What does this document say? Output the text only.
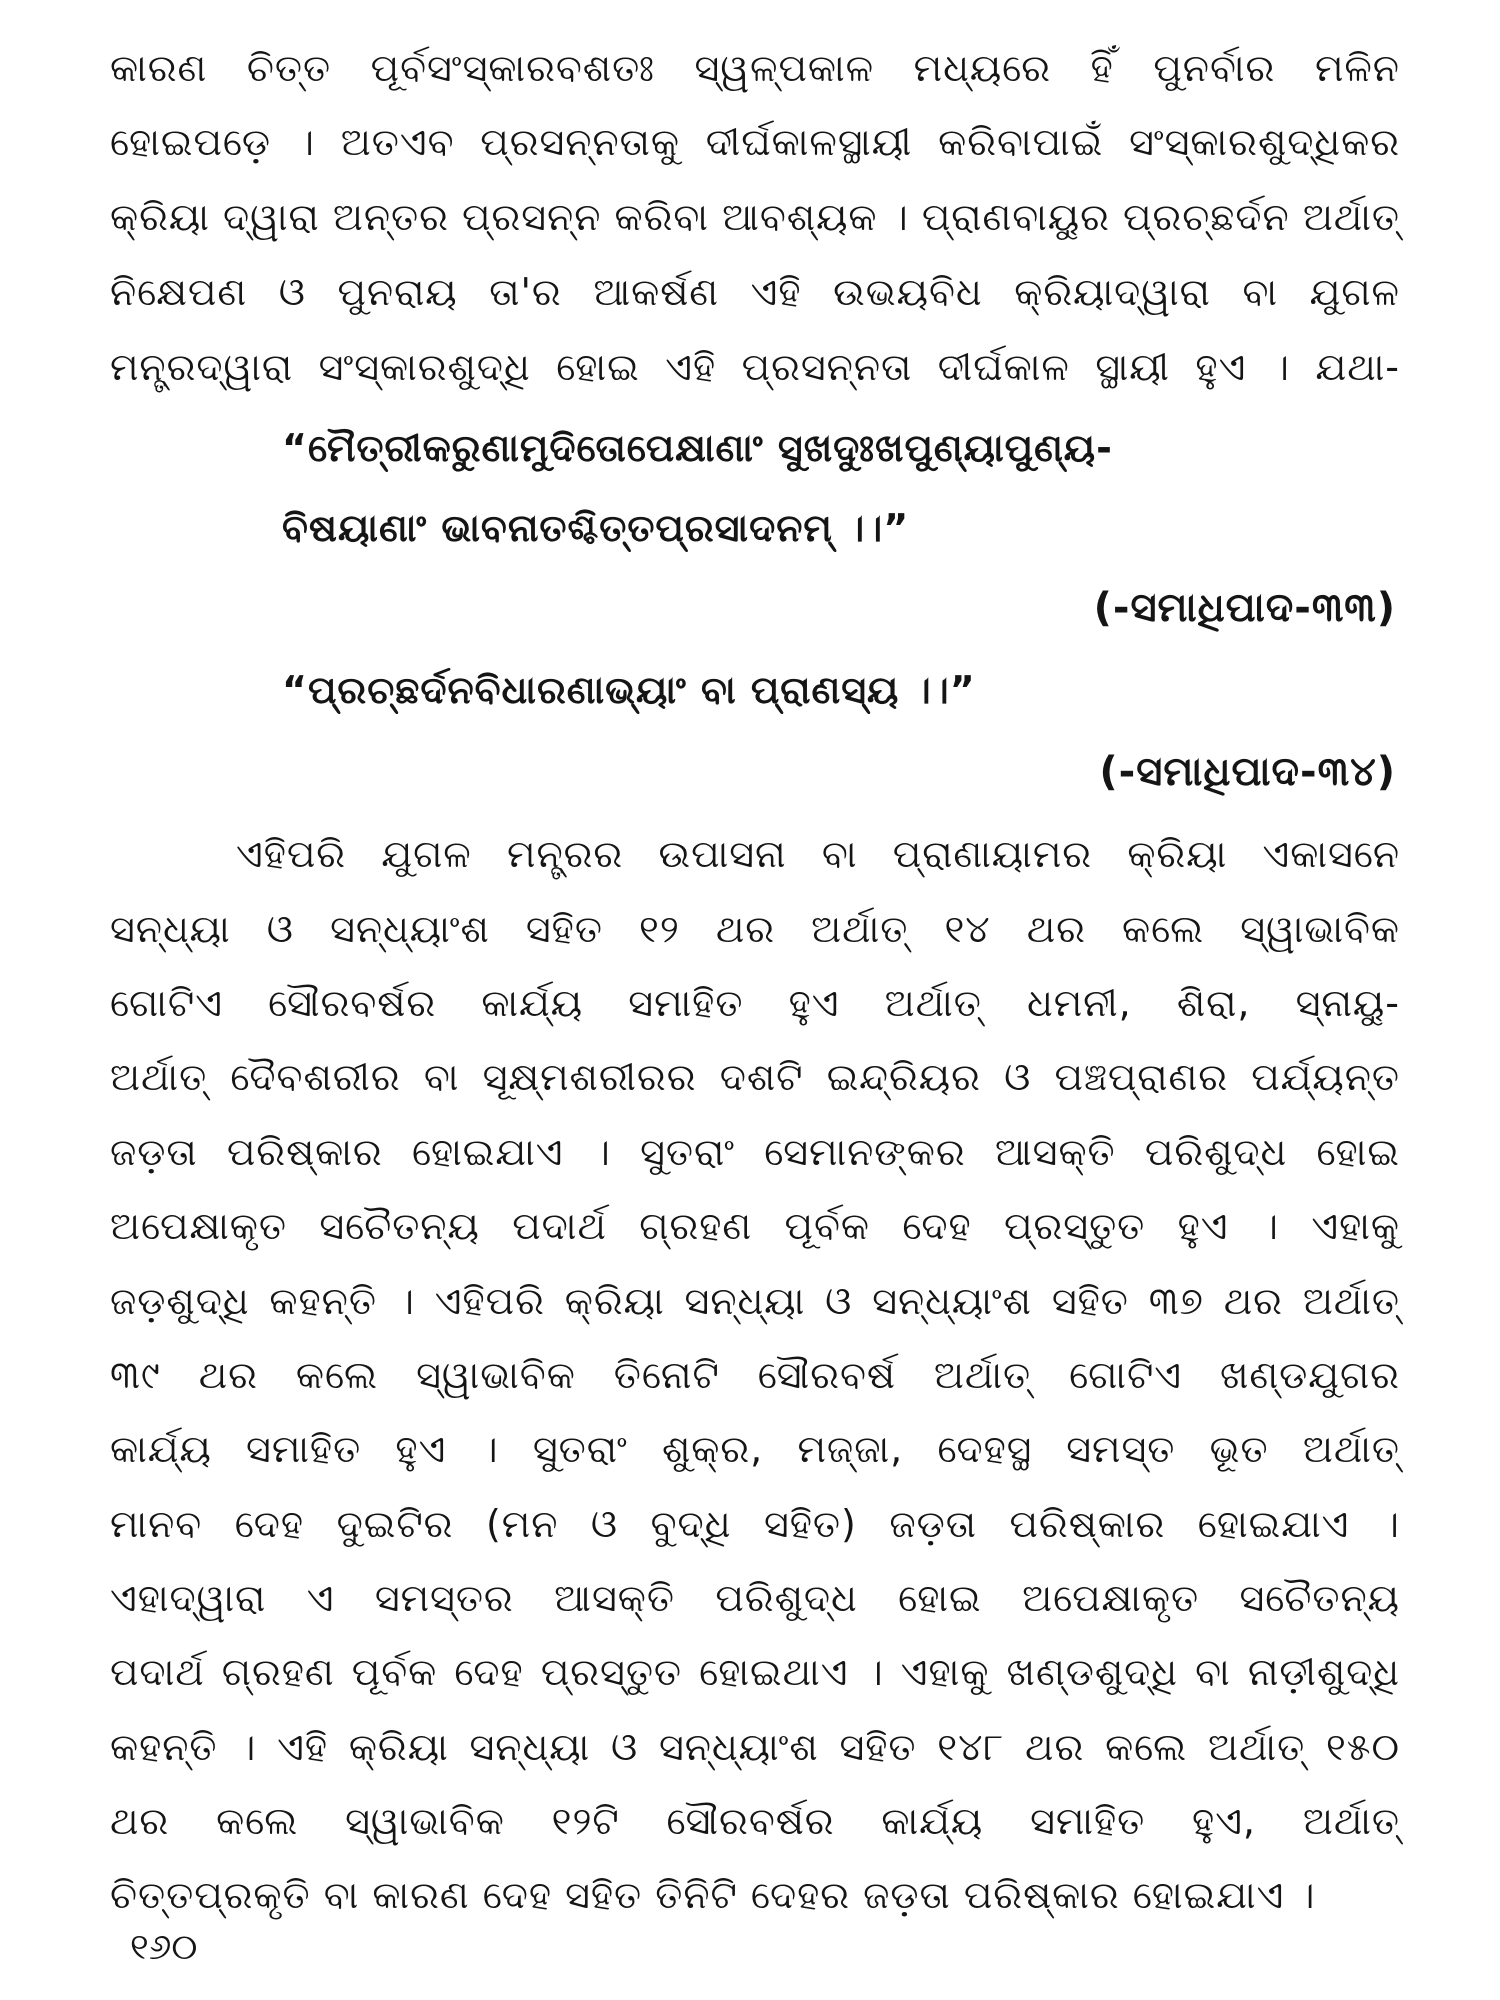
କାରଣ ଚିତ୍ତ ପୂର୍ବସଂସ୍କାରବଶତଃ ସ୍ୱଳ୍ପକାଳ ମଧ୍ୟରେ ହିଁ ପୁନର୍ବାର ମଳିନ
ହୋଇପଡ଼େ । ଅତଏବ ପ୍ରସନ୍ନତାକୁ ଦୀର୍ଘକାଳସ୍ଥାୟୀ କରିବାପାଇଁ ସଂସ୍କାରଶୁଦ୍ଧିକର
କ୍ରିୟା ଦ୍ୱାରା ଅନ୍ତର ପ୍ରସନ୍ନ କରିବା ଆବଶ୍ୟକ । ପ୍ରାଣବାୟୁର ପ୍ରଚ୍ଛର୍ଦନ ଅର୍ଥାତ୍
ନିକ୍ଷେପଣ ଓ ପୁନରାୟ ତା'ର ଆକର୍ଷଣ ଏହି ଉଭୟବିଧ କ୍ରିୟାଦ୍ୱାରା ବା ଯୁଗଳ
ମନ୍ତ୍ରଦ୍ୱାରା ସଂସ୍କାରଶୁଦ୍ଧି ହୋଇ ଏହି ପ୍ରସନ୍ନତା ଦୀର୍ଘକାଳ ସ୍ଥାୟୀ ହୁଏ । ଯଥା-
“ମୈତ୍ରୀକରୁଣାମୁଦିତୋପେକ୍ଷାଣାଂ ସୁଖଦୁଃଖପୁଣ୍ୟାପୁଣ୍ୟ-
ବିଷୟାଣାଂ ଭାବନାତଶ୍ଚିତ୍ତପ୍ରସାଦନମ୍ ।।”
(-ସମାଧିପାଦ-୩୩)
“ପ୍ରଚ୍ଛର୍ଦନବିଧାରଣାଭ୍ୟାଂ ବା ପ୍ରାଣସ୍ୟ ।।”
(-ସମାଧିପାଦ-୩୪)
ଏହିପରି ଯୁଗଳ ମନ୍ତ୍ରର ଉପାସନା ବା ପ୍ରାଣାୟାମର କ୍ରିୟା ଏକାସନେ
ସନ୍ଧ୍ୟା ଓ ସନ୍ଧ୍ୟାଂଶ ସହିତ ୧୨ ଥର ଅର୍ଥାତ୍ ୧୪ ଥର କଲେ ସ୍ୱାଭାବିକ
ଗୋଟିଏ ସୌରବର୍ଷର କାର୍ଯ୍ୟ ସମାହିତ ହୁଏ ଅର୍ଥାତ୍ ଧମନୀ, ଶିରା, ସ୍ନାୟୁ-
ଅର୍ଥାତ୍ ଦୈବଶରୀର ବା ସୂକ୍ଷ୍ମଶରୀରର ଦଶଟି ଇନ୍ଦ୍ରିୟର ଓ ପଞ୍ଚପ୍ରାଣର ପର୍ଯ୍ୟନ୍ତ
ଜଡ଼ତା ପରିଷ୍କାର ହୋଇଯାଏ । ସୁତରାଂ ସେମାନଙ୍କର ଆସକ୍ତି ପରିଶୁଦ୍ଧ ହୋଇ
ଅପେକ୍ଷାକୃତ ସଚୈତନ୍ୟ ପଦାର୍ଥ ଗ୍ରହଣ ପୂର୍ବକ ଦେହ ପ୍ରସ୍ତୁତ ହୁଏ । ଏହାକୁ
ଜଡ଼ଶୁଦ୍ଧି କହନ୍ତି । ଏହିପରି କ୍ରିୟା ସନ୍ଧ୍ୟା ଓ ସନ୍ଧ୍ୟାଂଶ ସହିତ ୩୭ ଥର ଅର୍ଥାତ୍
୩୯ ଥର କଲେ ସ୍ୱାଭାବିକ ତିନୋଟି ସୌରବର୍ଷ ଅର୍ଥାତ୍ ଗୋଟିଏ ଖଣ୍ଡଯୁଗର
କାର୍ଯ୍ୟ ସମାହିତ ହୁଏ । ସୁତରାଂ ଶୁକ୍ର, ମଜ୍ଜା, ଦେହସ୍ଥ ସମସ୍ତ ଭୂତ ଅର୍ଥାତ୍
ମାନବ ଦେହ ଦୁଇଟିର (ମନ ଓ ବୁଦ୍ଧି ସହିତ) ଜଡ଼ତା ପରିଷ୍କାର ହୋଇଯାଏ ।
ଏହାଦ୍ୱାରା ଏ ସମସ୍ତର ଆସକ୍ତି ପରିଶୁଦ୍ଧ ହୋଇ ଅପେକ୍ଷାକୃତ ସଚୈତନ୍ୟ
ପଦାର୍ଥ ଗ୍ରହଣ ପୂର୍ବକ ଦେହ ପ୍ରସ୍ତୁତ ହୋଇଥାଏ । ଏହାକୁ ଖଣ୍ଡଶୁଦ୍ଧି ବା ନାଡ଼ୀଶୁଦ୍ଧି
କହନ୍ତି । ଏହି କ୍ରିୟା ସନ୍ଧ୍ୟା ଓ ସନ୍ଧ୍ୟାଂଶ ସହିତ ୧୪୮ ଥର କଲେ ଅର୍ଥାତ୍ ୧୫୦
ଥର କଲେ ସ୍ୱାଭାବିକ ୧୨ଟି ସୌରବର୍ଷର କାର୍ଯ୍ୟ ସମାହିତ ହୁଏ, ଅର୍ଥାତ୍
ଚିତ୍ତପ୍ରକୃତି ବା କାରଣ ଦେହ ସହିତ ତିନିଟି ଦେହର ଜଡ଼ତା ପରିଷ୍କାର ହୋଇଯାଏ ।
୧୬୦
